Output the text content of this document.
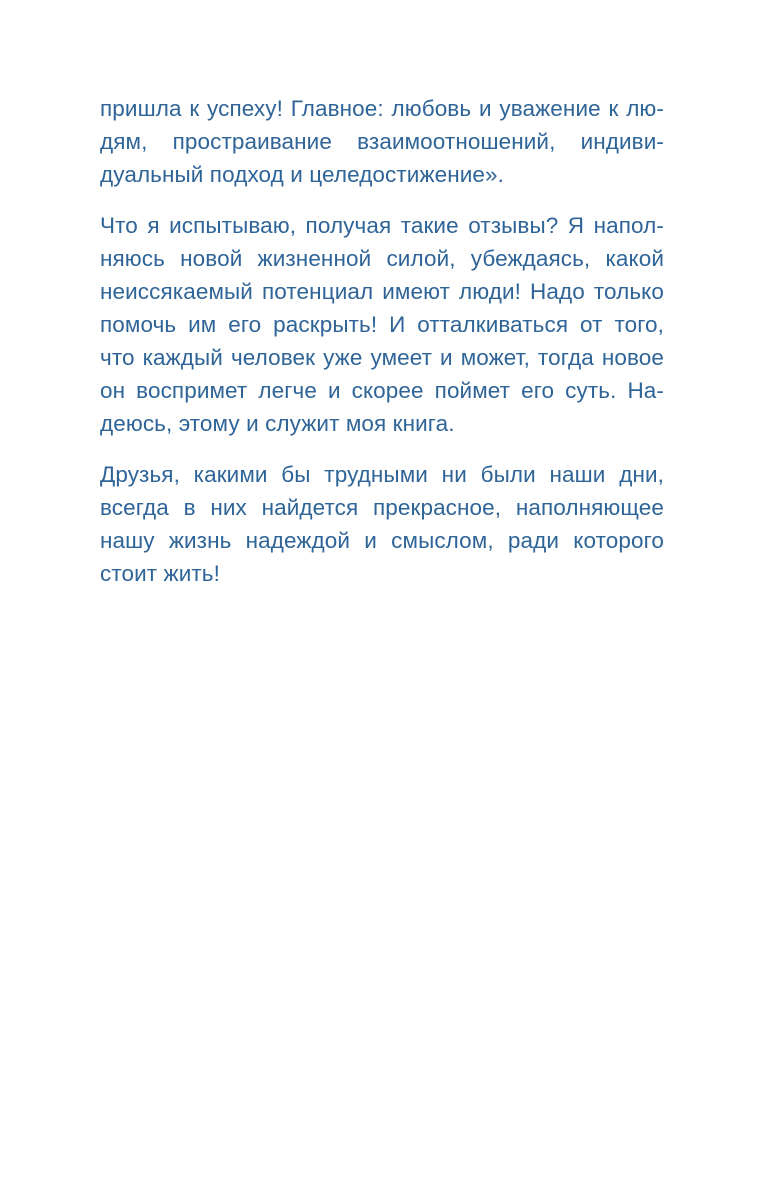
пришла к успеху! Главное: любовь и уважение к лю-
дям, простраивание взаимоотношений, индиви-
дуальный подход и целедостижение».
Что я испытываю, получая такие отзывы? Я напол-
няюсь новой жизненной силой, убеждаясь, какой
неиссякаемый потенциал имеют люди! Надо только
помочь им его раскрыть! И отталкиваться от того,
что каждый человек уже умеет и может, тогда новое
он воспримет легче и скорее поймет его суть. На-
деюсь, этому и служит моя книга.
Друзья, какими бы трудными ни были наши дни,
всегда в них найдется прекрасное, наполняющее
нашу жизнь надеждой и смыслом, ради которого
стоит жить!
